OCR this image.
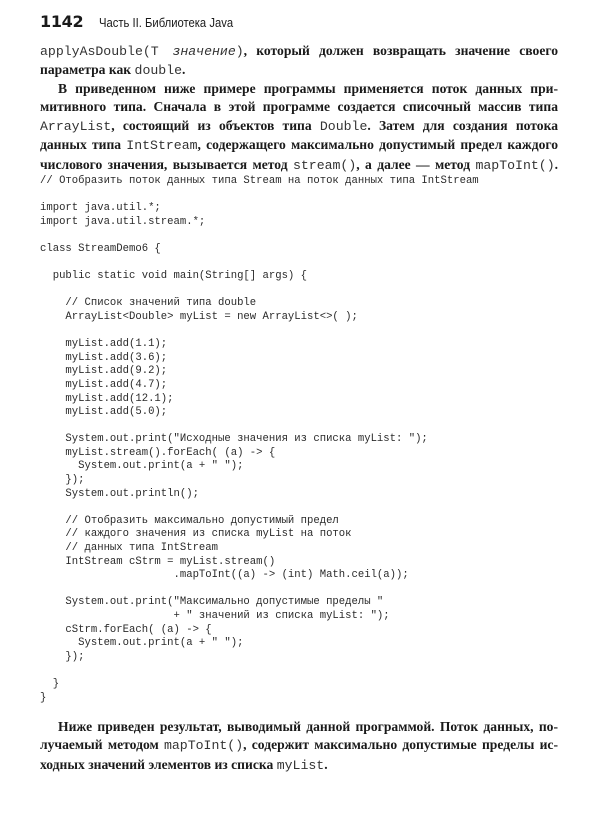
1142 Часть II. Библиотека Java
applyAsDouble(T значение), который должен возвращать значение своего
параметра как double.
В приведенном ниже примере программы применяется поток данных при-
митивного типа. Сначала в этой программе создается списочный массив типа
ArrayList, состоящий из объектов типа Double. Затем для создания потока
данных типа IntStream, содержащего максимально допустимый предел каждого
числового значения, вызывается метод stream(), а далее — метод mapToInt().
// Отобразить поток данных типа Stream на поток данных типа IntStream

import java.util.*;
import java.util.stream.*;

class StreamDemo6 {

public static void main(String[] args) {

// Список значений типа double
ArrayList<Double> myList = new ArrayList<>( );

myList.add(1.1);
myList.add(3.6);
myList.add(9.2);
myList.add(4.7);
myList.add(12.1);
myList.add(5.0);

System.out.print("Исходные значения из списка myList: ");
myList.stream().forEach( (a) -> {
System.out.print(a + " ");
});
System.out.println();

// Отобразить максимально допустимый предел
// каждого значения из списка myList на поток
// данных типа IntStream
IntStream cStrm = myList.stream()
.mapToInt((a) -> (int) Math.ceil(a));

System.out.print("Максимально допустимые пределы "
+ " значений из списка myList: ");
cStrm.forEach( (a) -> {
System.out.print(a + " ");
});

}
}

Ниже приведен результат, выводимый данной программой. Поток данных, по-
лучаемый методом mapToInt(), содержит максимально допустимые пределы ис-
ходных значений элементов из списка myList.
